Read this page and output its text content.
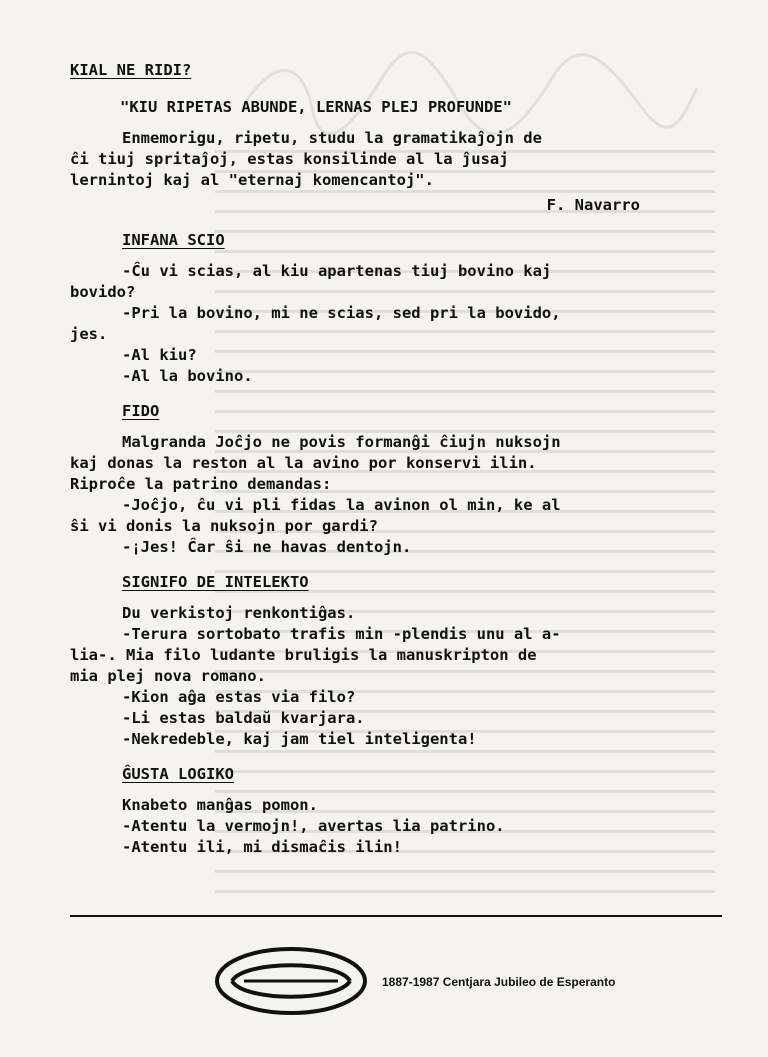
KIAL NE RIDI?

"KIU RIPETAS ABUNDE, LERNAS PLEJ PROFUNDE"

Enmemorigu, ripetu, studu la gramatikaĵojn de

ĉi tiuj spritaĵoj, estas konsilinde al la ĵusaj

lernintoj kaj al "eternaj komencantoj".

F. Navarro

INFANA SCIO

-Ĉu vi scias, al kiu apartenas tiuj bovino kaj

bovido?

-Pri la bovino, mi ne scias, sed pri la bovido,

jes.

-Al kiu?

-Al la bovino.

FIDO

Malgranda Joĉjo ne povis formanĝi ĉiujn nuksojn

kaj donas la reston al la avino por konservi ilin.

Riproĉe la patrino demandas:

-Joĉjo, ĉu vi pli fidas la avinon ol min, ke al

ŝi vi donis la nuksojn por gardi?

-¡Jes! Ĉar ŝi ne havas dentojn.

SIGNIFO DE INTELEKTO

Du verkistoj renkontiĝas.

-Terura sortobato trafis min -plendis unu al a-

lia-. Mia filo ludante bruligis la manuskripton de

mia plej nova romano.

-Kion aĝa estas via filo?

-Li estas baldaŭ kvarjara.

-Nekredeble, kaj jam tiel inteligenta!

ĜUSTA LOGIKO

Knabeto manĝas pomon.

-Atentu la vermojn!, avertas lia patrino.

-Atentu ili, mi dismaĉis ilin!

1887-1987 Centjara Jubileo de Esperanto
